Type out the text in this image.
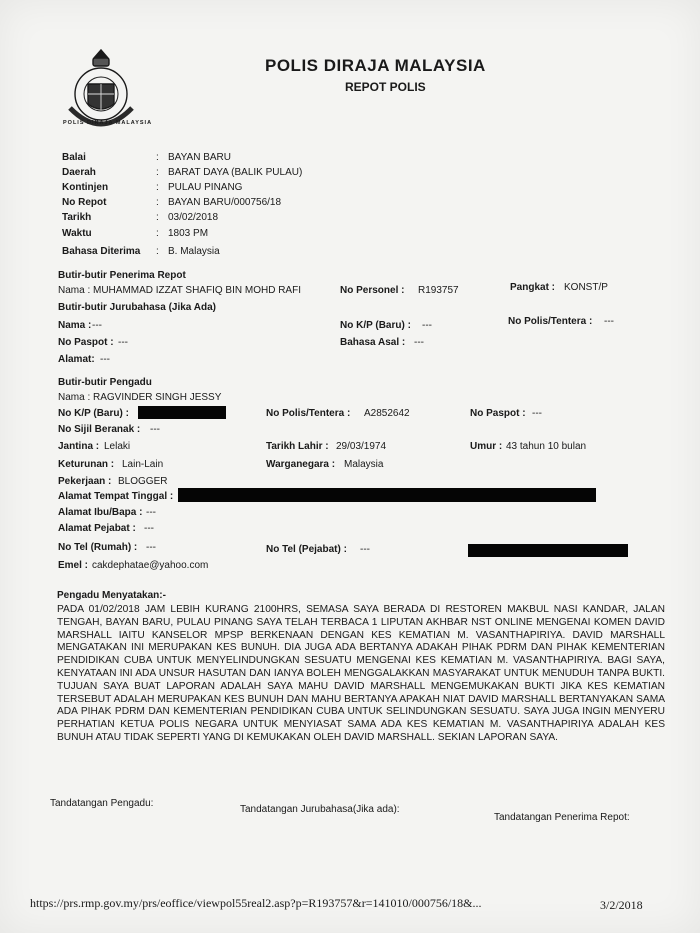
POLIS DIRAJA MALAYSIA
POLIS DIRAJA MALAYSIA
REPOT POLIS
Balai	: BAYAN BARU
Daerah	: BARAT DAYA (BALIK PULAU)
Kontinjen	: PULAU PINANG
No Repot	: BAYAN BARU/000756/18
Tarikh	: 03/02/2018
Waktu	: 1803 PM
Bahasa Diterima : B. Malaysia
Butir-butir Penerima Repot
Nama : MUHAMMAD IZZAT SHAFIQ BIN MOHD RAFI	No Personel : R193757	Pangkat : KONST/P
Butir-butir Jurubahasa (Jika Ada)
Nama : ---	No K/P (Baru) : ---	No Polis/Tentera : ---
No Paspot : ---	Bahasa Asal : ---
Alamat: ---
Butir-butir Pengadu
Nama : RAGVINDER SINGH JESSY
No K/P (Baru) :	No Polis/Tentera : A2852642	No Paspot : ---
No Sijil Beranak : ---
Jantina : Lelaki	Tarikh Lahir : 29/03/1974	Umur : 43 tahun 10 bulan
Keturunan : Lain-Lain	Warganegara : Malaysia
Pekerjaan : BLOGGER
Alamat Tempat Tinggal :
Alamat Ibu/Bapa : ---
Alamat Pejabat : ---
No Tel (Rumah) : ---	No Tel (Pejabat) : ---
Emel : cakdephatae@yahoo.com
Pengadu Menyatakan:-
PADA 01/02/2018 JAM LEBIH KURANG 2100HRS, SEMASA SAYA BERADA DI RESTOREN MAKBUL NASI KANDAR, JALAN TENGAH, BAYAN BARU, PULAU PINANG SAYA TELAH TERBACA 1 LIPUTAN AKHBAR NST ONLINE MENGENAI KOMEN DAVID MARSHALL IAITU KANSELOR MPSP BERKENAAN DENGAN KES KEMATIAN M. VASANTHAPIRIYA. DAVID MARSHALL MENGATAKAN INI MERUPAKAN KES BUNUH. DIA JUGA ADA BERTANYA ADAKAH PIHAK PDRM DAN PIHAK KEMENTERIAN PENDIDIKAN CUBA UNTUK MENYELINDUNGKAN SESUATU MENGENAI KES KEMATIAN M. VASANTHAPIRIYA. BAGI SAYA, KENYATAAN INI ADA UNSUR HASUTAN DAN IANYA BOLEH MENGGALAKKAN MASYARAKAT UNTUK MENUDUH TANPA BUKTI. TUJUAN SAYA BUAT LAPORAN ADALAH SAYA MAHU DAVID MARSHALL MENGEMUKAKAN BUKTI JIKA KES KEMATIAN TERSEBUT ADALAH MERUPAKAN KES BUNUH DAN MAHU BERTANYA APAKAH NIAT DAVID MARSHALL BERTANYAKAN SAMA ADA PIHAK PDRM DAN KEMENTERIAN PENDIDIKAN CUBA UNTUK SELINDUNGKAN SESUATU. SAYA JUGA INGIN MENYERU PERHATIAN KETUA POLIS NEGARA UNTUK MENYIASAT SAMA ADA KES KEMATIAN M. VASANTHAPIRIYA ADALAH KES BUNUH ATAU TIDAK SEPERTI YANG DI KEMUKAKAN OLEH DAVID MARSHALL. SEKIAN LAPORAN SAYA.
Tandatangan Pengadu:
Tandatangan Jurubahasa(Jika ada):
Tandatangan Penerima Repot:
https://prs.rmp.gov.my/prs/eoffice/viewpol55real2.asp?p=R193757&r=141010/000756/18&...	3/2/2018
